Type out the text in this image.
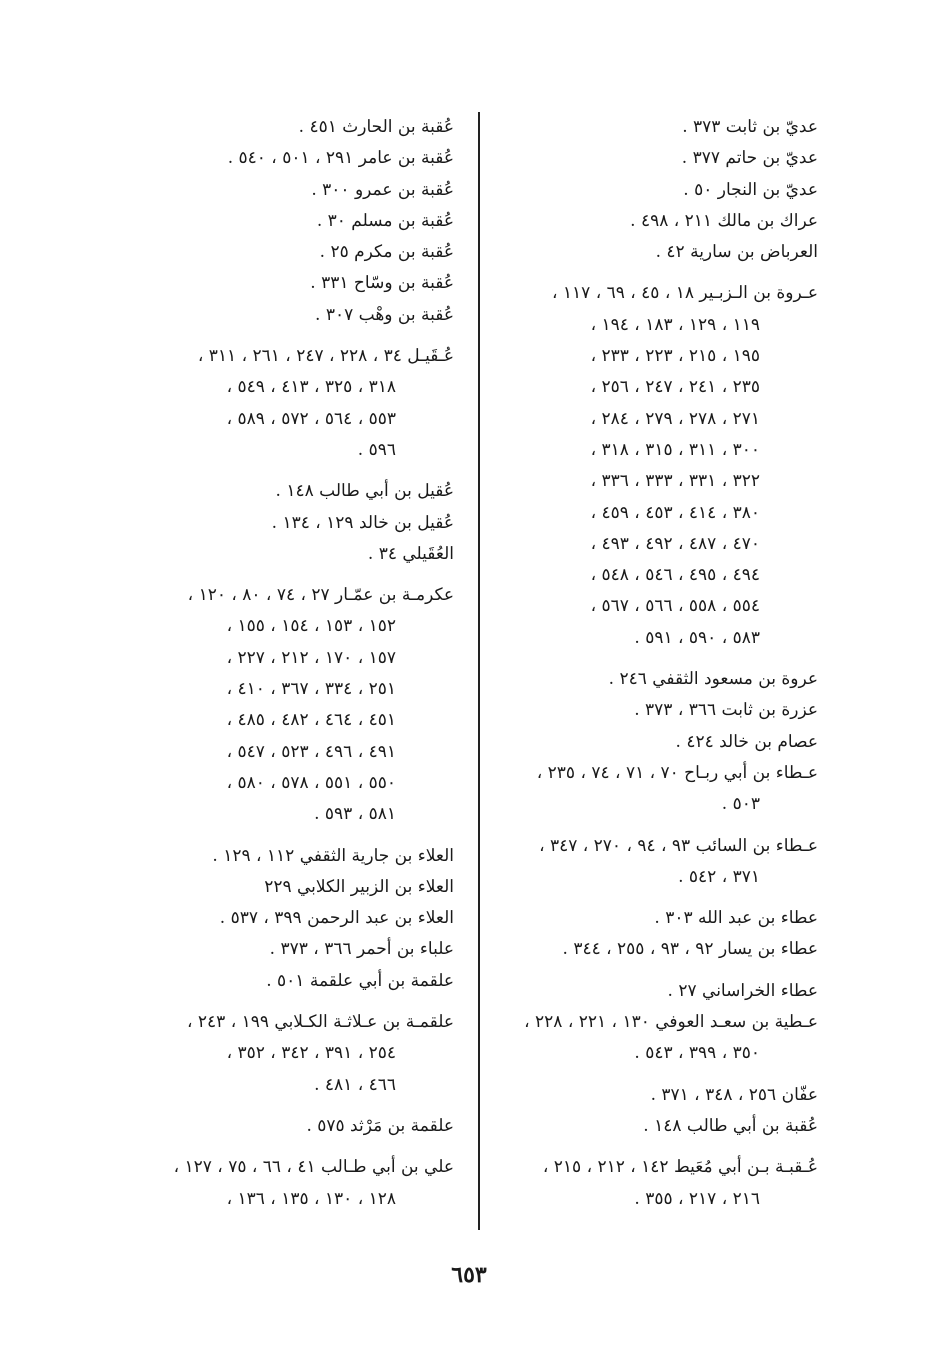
عديّ بن ثابت ٣٧٣ .
عديّ بن حاتم ٣٧٧ .
عديّ بن النجار ٥٠ .
عراك بن مالك ٢١١ ، ٤٩٨ .
العرباض بن سارية ٤٢ .
عـروة بن الـزبـير ١٨ ، ٤٥ ، ٦٩ ، ١١٧ ،
١١٩ ، ١٢٩ ، ١٨٣ ، ١٩٤ ،
١٩٥ ، ٢١٥ ، ٢٢٣ ، ٢٣٣ ،
٢٣٥ ، ٢٤١ ، ٢٤٧ ، ٢٥٦ ،
٢٧١ ، ٢٧٨ ، ٢٧٩ ، ٢٨٤ ،
٣٠٠ ، ٣١١ ، ٣١٥ ، ٣١٨ ،
٣٢٢ ، ٣٣١ ، ٣٣٣ ، ٣٣٦ ،
٣٨٠ ، ٤١٤ ، ٤٥٣ ، ٤٥٩ ،
٤٧٠ ، ٤٨٧ ، ٤٩٢ ، ٤٩٣ ،
٤٩٤ ، ٤٩٥ ، ٥٤٦ ، ٥٤٨ ،
٥٥٤ ، ٥٥٨ ، ٥٦٦ ، ٥٦٧ ،
٥٨٣ ، ٥٩٠ ، ٥٩١ .
عروة بن مسعود الثقفي ٢٤٦ .
عزرة بن ثابت ٣٦٦ ، ٣٧٣ .
عصام بن خالد ٤٢٤ .
عـطاء بن أبي ربـاح ٧٠ ، ٧١ ، ٧٤ ، ٢٣٥ ،
٥٠٣ .
عـطاء بن السائب ٩٣ ، ٩٤ ، ٢٧٠ ، ٣٤٧ ،
٣٧١ ، ٥٤٢ .
عطاء بن عبد الله ٣٠٣ .
عطاء بن يسار ٩٢ ، ٩٣ ، ٢٥٥ ، ٣٤٤ .
عطاء الخراساني ٢٧ .
عـطية بن سعـد العوفي ١٣٠ ، ٢٢١ ، ٢٢٨ ،
٣٥٠ ، ٣٩٩ ، ٥٤٣ .
عفّان ٢٥٦ ، ٣٤٨ ، ٣٧١ .
عُقبة بن أبي طالب ١٤٨ .
عُـقبـة بـن أبي مُعَيط ١٤٢ ، ٢١٢ ، ٢١٥ ،
٢١٦ ، ٢١٧ ، ٣٥٥ .
عُقبة بن الحارث ٤٥١ .
عُقبة بن عامر ٢٩١ ، ٥٠١ ، ٥٤٠ .
عُقبة بن عمرو ٣٠٠ .
عُقبة بن مسلم ٣٠ .
عُقبة بن مكرم ٢٥ .
عُقبة بن وسّاح ٣٣١ .
عُقبة بن وهْب ٣٠٧ .
عُـقَيـل ٣٤ ، ٢٢٨ ، ٢٤٧ ، ٢٦١ ، ٣١١ ،
٣١٨ ، ٣٢٥ ، ٤١٣ ، ٥٤٩ ،
٥٥٣ ، ٥٦٤ ، ٥٧٢ ، ٥٨٩ ،
٥٩٦ .
عُقيل بن أبي طالب ١٤٨ .
عُقيل بن خالد ١٢٩ ، ١٣٤ .
العُقَيلي ٣٤ .
عكرمـة بن عمّـار ٢٧ ، ٧٤ ، ٨٠ ، ١٢٠ ،
١٥٢ ، ١٥٣ ، ١٥٤ ، ١٥٥ ،
١٥٧ ، ١٧٠ ، ٢١٢ ، ٢٢٧ ،
٢٥١ ، ٣٣٤ ، ٣٦٧ ، ٤١٠ ،
٤٥١ ، ٤٦٤ ، ٤٨٢ ، ٤٨٥ ،
٤٩١ ، ٤٩٦ ، ٥٢٣ ، ٥٤٧ ،
٥٥٠ ، ٥٥١ ، ٥٧٨ ، ٥٨٠ ،
٥٨١ ، ٥٩٣ .
العلاء بن جارية الثقفي ١١٢ ، ١٢٩ .
العلاء بن الزبير الكلابي ٢٢٩
العلاء بن عبد الرحمن ٣٩٩ ، ٥٣٧ .
علباء بن أحمر ٣٦٦ ، ٣٧٣ .
علقمة بن أبي علقمة ٥٠١ .
علقمـة بن عـلاثـة الكـلابي ١٩٩ ، ٢٤٣ ،
٢٥٤ ، ٣٩١ ، ٣٤٢ ، ٣٥٢ ،
٤٦٦ ، ٤٨١ .
علقمة بن مَرْثد ٥٧٥ .
علي بن أبي طـالب ٤١ ، ٦٦ ، ٧٥ ، ١٢٧ ،
١٢٨ ، ١٣٠ ، ١٣٥ ، ١٣٦ ،
٦٥٣
